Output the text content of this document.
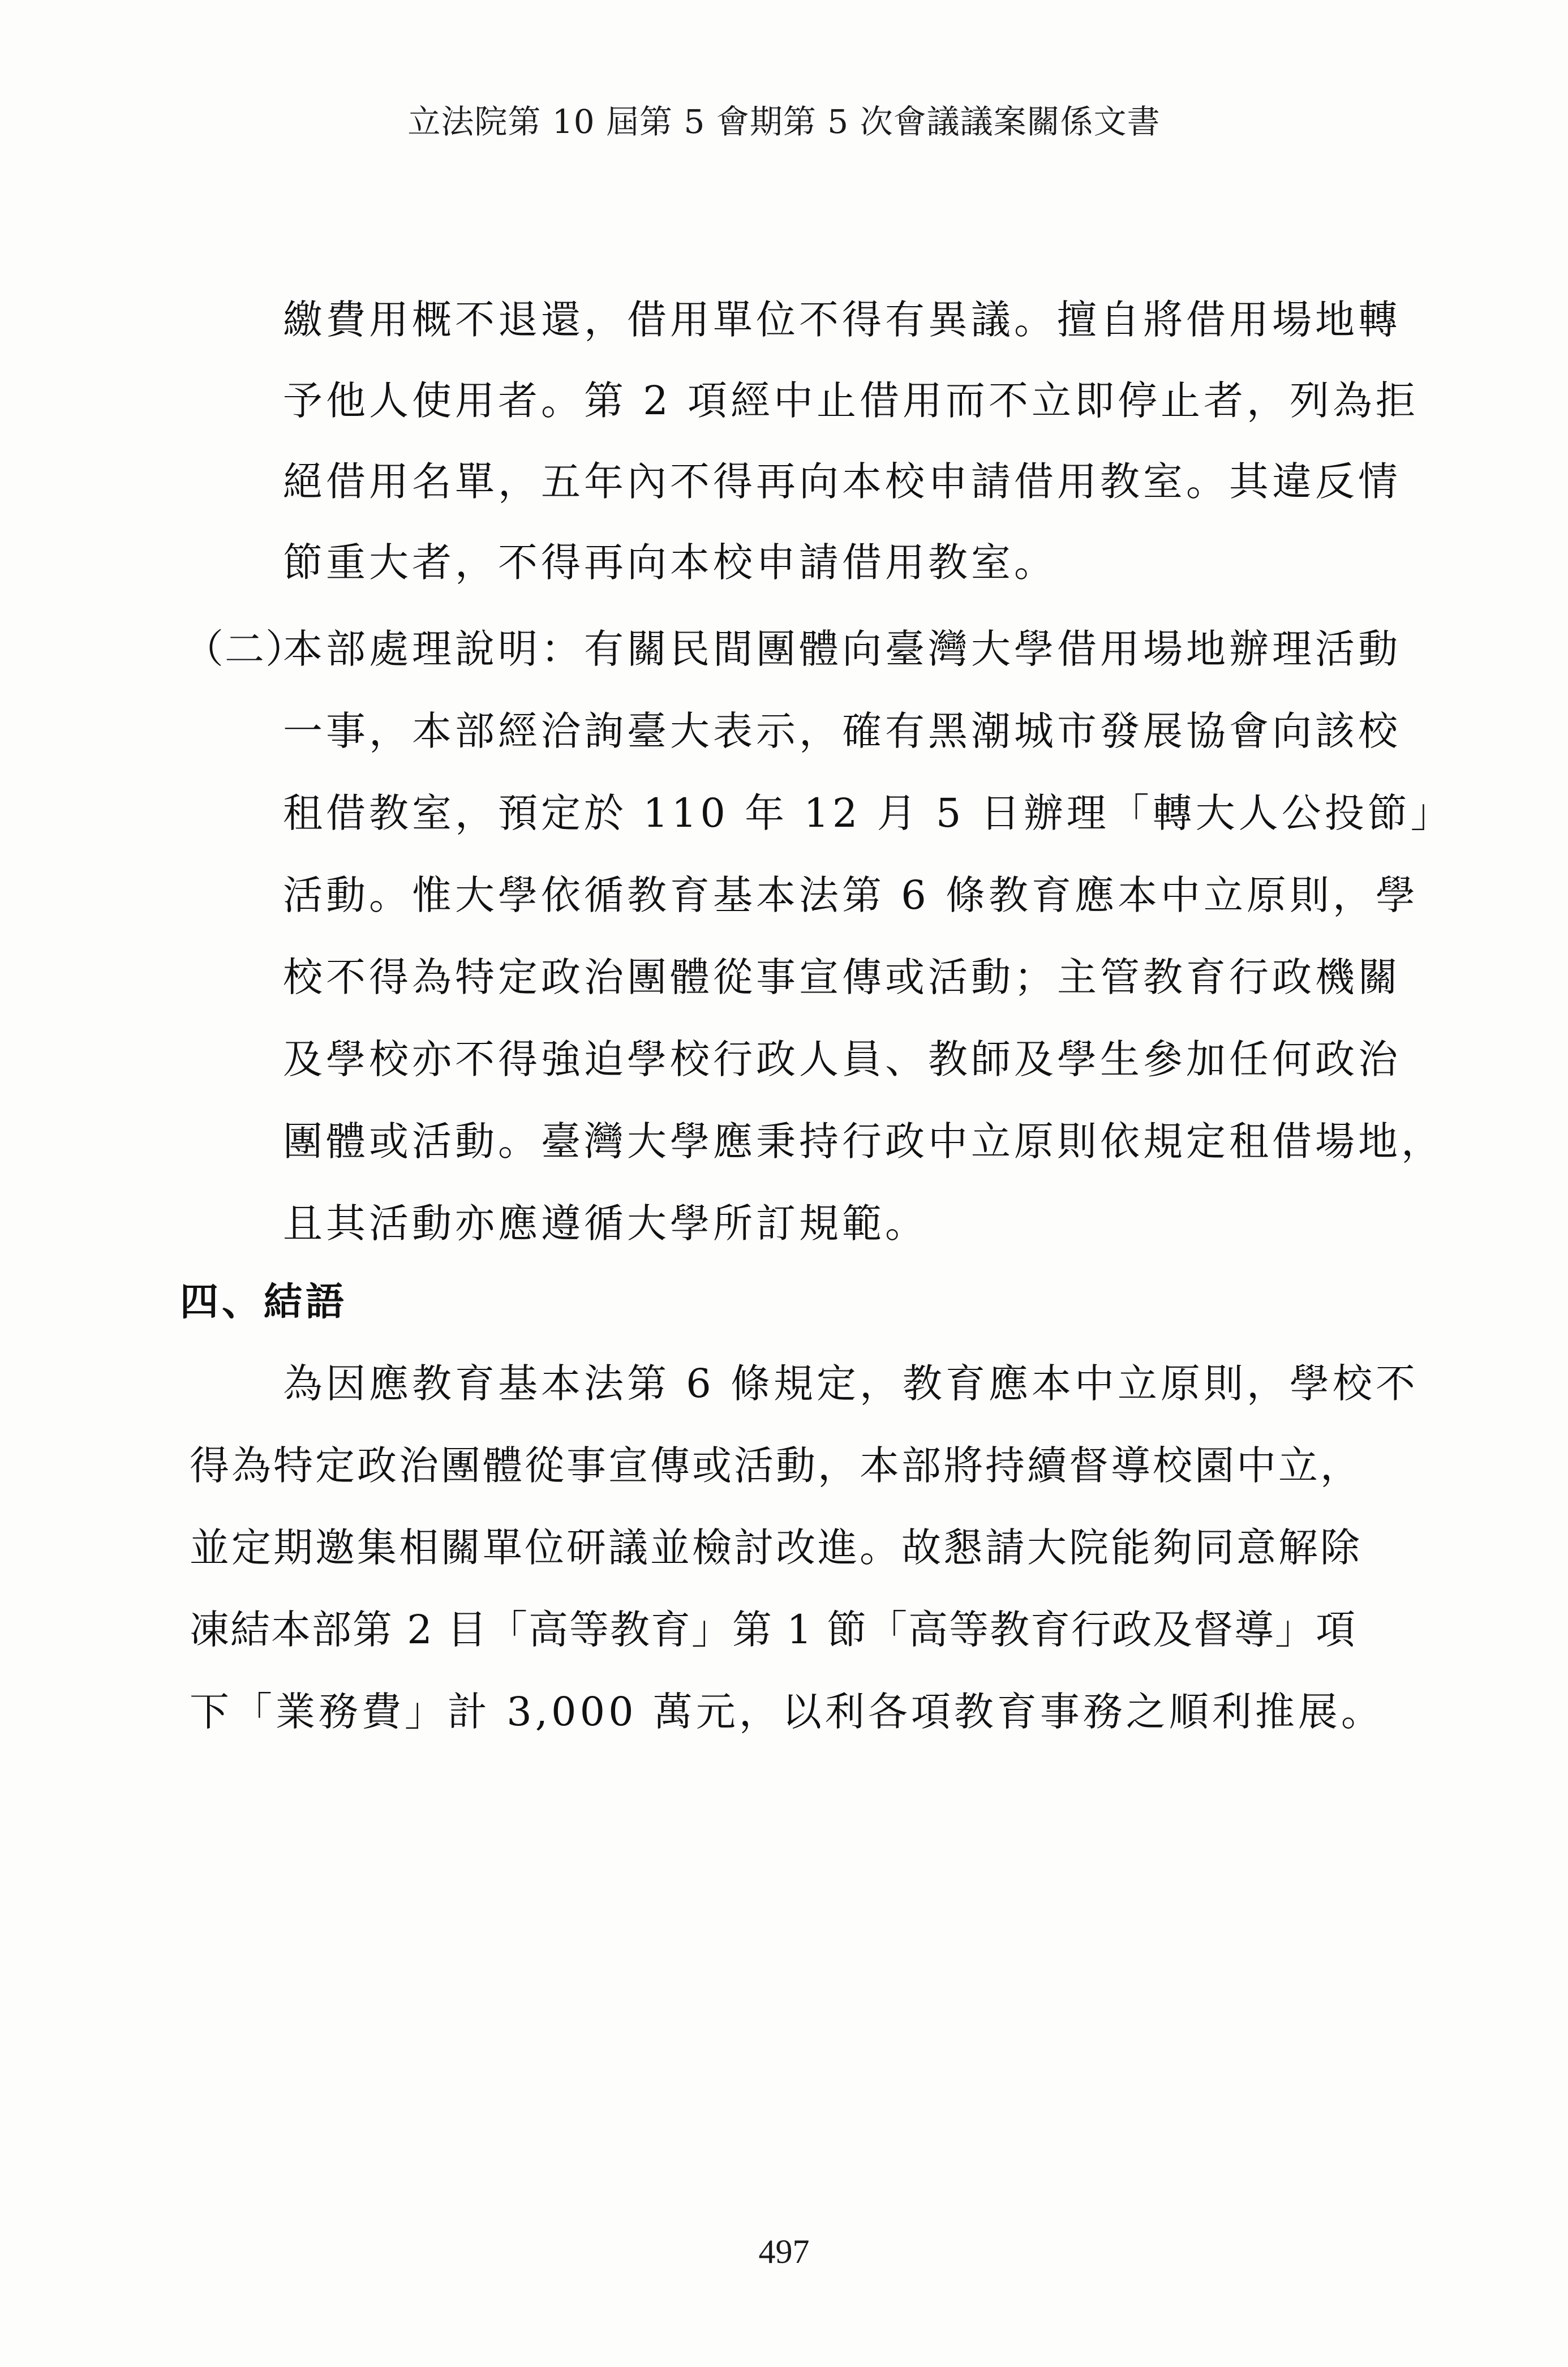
立法院第 10 屆第 5 會期第 5 次會議議案關係文書
繳費用概不退還，借用單位不得有異議。擅自將借用場地轉
予他人使用者。第 2 項經中止借用而不立即停止者，列為拒
絕借用名單，五年內不得再向本校申請借用教室。其違反情
節重大者，不得再向本校申請借用教室。
（二）
本部處理說明：有關民間團體向臺灣大學借用場地辦理活動
一事，本部經洽詢臺大表示，確有黑潮城市發展協會向該校
租借教室，預定於 110 年 12 月 5 日辦理「轉大人公投節」
活動。惟大學依循教育基本法第 6 條教育應本中立原則，學
校不得為特定政治團體從事宣傳或活動；主管教育行政機關
及學校亦不得強迫學校行政人員、教師及學生參加任何政治
團體或活動。臺灣大學應秉持行政中立原則依規定租借場地，
且其活動亦應遵循大學所訂規範。
四、結語
為因應教育基本法第 6 條規定，教育應本中立原則，學校不
得為特定政治團體從事宣傳或活動，本部將持續督導校園中立，
並定期邀集相關單位研議並檢討改進。故懇請大院能夠同意解除
凍結本部第 2 目「高等教育」第 1 節「高等教育行政及督導」項
下「業務費」計 3,000 萬元，以利各項教育事務之順利推展。
497
